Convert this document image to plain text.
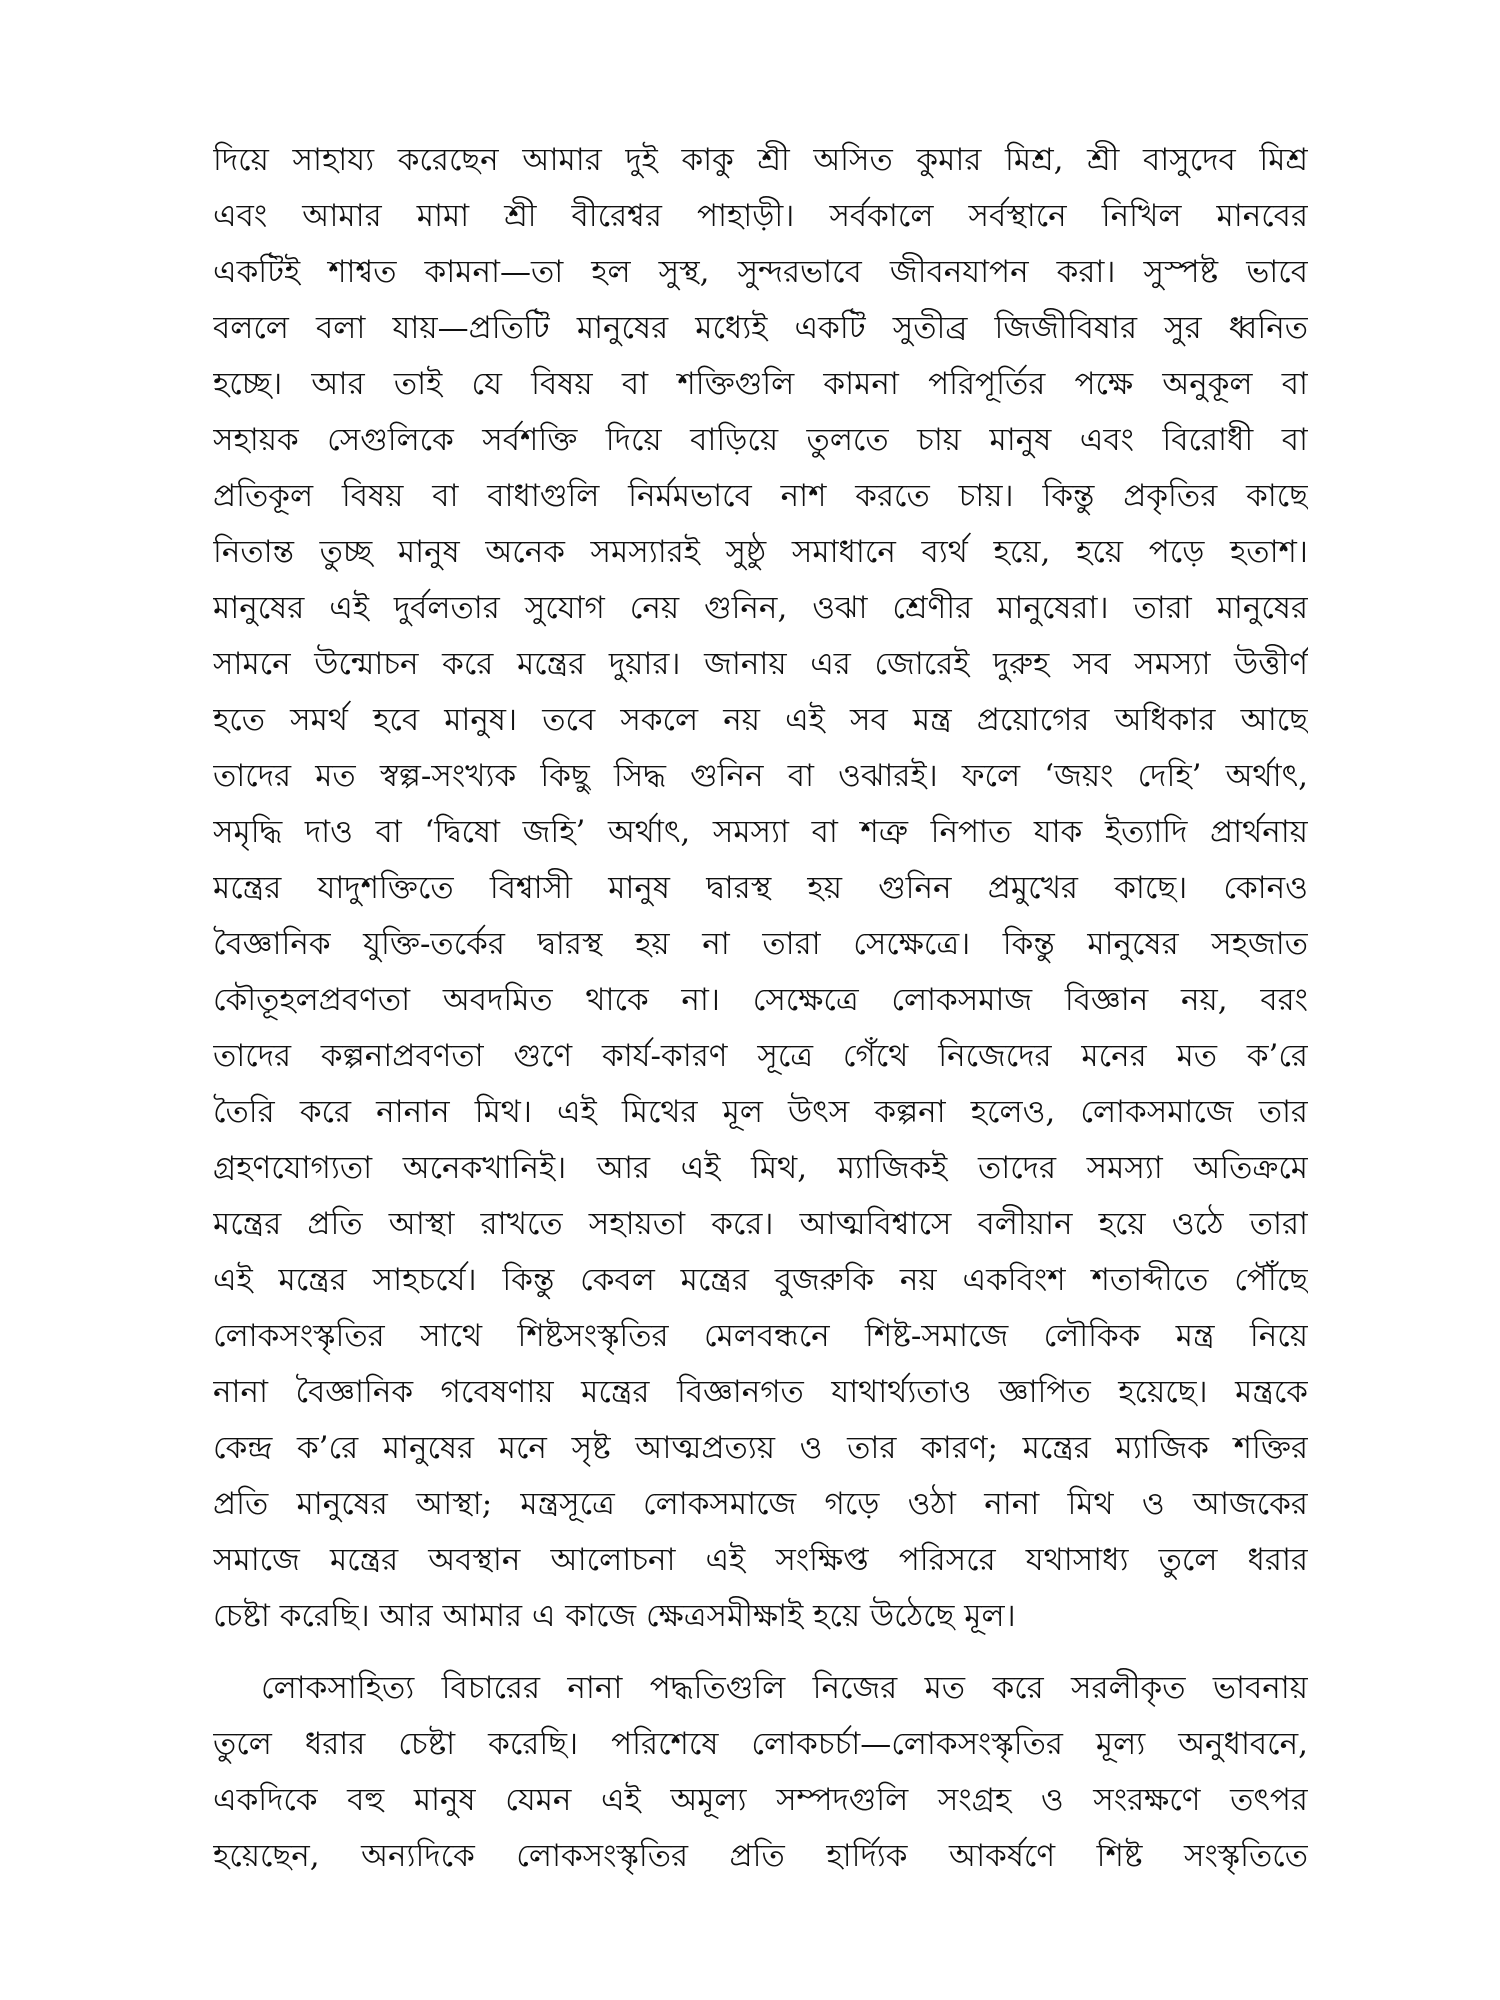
দিয়ে সাহায্য করেছেন আমার দুই কাকু শ্রী অসিত কুমার মিশ্র, শ্রী বাসুদেব মিশ্র
এবং আমার মামা শ্রী বীরেশ্বর পাহাড়ী। সর্বকালে সর্বস্থানে নিখিল মানবের
একটিই শাশ্বত কামনা—তা হল সুস্থ, সুন্দরভাবে জীবনযাপন করা। সুস্পষ্ট ভাবে
বললে বলা যায়—প্রতিটি মানুষের মধ্যেই একটি সুতীব্র জিজীবিষার সুর ধ্বনিত
হচ্ছে। আর তাই যে বিষয় বা শক্তিগুলি কামনা পরিপূর্তির পক্ষে অনুকূল বা
সহায়ক সেগুলিকে সর্বশক্তি দিয়ে বাড়িয়ে তুলতে চায় মানুষ এবং বিরোধী বা
প্রতিকূল বিষয় বা বাধাগুলি নির্মমভাবে নাশ করতে চায়। কিন্তু প্রকৃতির কাছে
নিতান্ত তুচ্ছ মানুষ অনেক সমস্যারই সুষ্ঠু সমাধানে ব্যর্থ হয়ে, হয়ে পড়ে হতাশ।
মানুষের এই দুর্বলতার সুযোগ নেয় গুনিন, ওঝা শ্রেণীর মানুষেরা। তারা মানুষের
সামনে উন্মোচন করে মন্ত্রের দুয়ার। জানায় এর জোরেই দুরুহ সব সমস্যা উত্তীর্ণ
হতে সমর্থ হবে মানুষ। তবে সকলে নয় এই সব মন্ত্র প্রয়োগের অধিকার আছে
তাদের মত স্বল্প-সংখ্যক কিছু সিদ্ধ গুনিন বা ওঝারই। ফলে ‘জয়ং দেহি’ অর্থাৎ,
সমৃদ্ধি দাও বা ‘দ্বিষো জহি’ অর্থাৎ, সমস্যা বা শত্রু নিপাত যাক ইত্যাদি প্রার্থনায়
মন্ত্রের যাদুশক্তিতে বিশ্বাসী মানুষ দ্বারস্থ হয় গুনিন প্রমুখের কাছে। কোনও
বৈজ্ঞানিক যুক্তি-তর্কের দ্বারস্থ হয় না তারা সেক্ষেত্রে। কিন্তু মানুষের সহজাত
কৌতূহলপ্রবণতা অবদমিত থাকে না। সেক্ষেত্রে লোকসমাজ বিজ্ঞান নয়, বরং
তাদের কল্পনাপ্রবণতা গুণে কার্য-কারণ সূত্রে গেঁথে নিজেদের মনের মত ক’রে
তৈরি করে নানান মিথ। এই মিথের মূল উৎস কল্পনা হলেও, লোকসমাজে তার
গ্রহণযোগ্যতা অনেকখানিই। আর এই মিথ, ম্যাজিকই তাদের সমস্যা অতিক্রমে
মন্ত্রের প্রতি আস্থা রাখতে সহায়তা করে। আত্মবিশ্বাসে বলীয়ান হয়ে ওঠে তারা
এই মন্ত্রের সাহচর্যে। কিন্তু কেবল মন্ত্রের বুজরুকি নয় একবিংশ শতাব্দীতে পৌঁছে
লোকসংস্কৃতির সাথে শিষ্টসংস্কৃতির মেলবন্ধনে শিষ্ট-সমাজে লৌকিক মন্ত্র নিয়ে
নানা বৈজ্ঞানিক গবেষণায় মন্ত্রের বিজ্ঞানগত যাথার্থ্যতাও জ্ঞাপিত হয়েছে। মন্ত্রকে
কেন্দ্র ক’রে মানুষের মনে সৃষ্ট আত্মপ্রত্যয় ও তার কারণ; মন্ত্রের ম্যাজিক শক্তির
প্রতি মানুষের আস্থা; মন্ত্রসূত্রে লোকসমাজে গড়ে ওঠা নানা মিথ ও আজকের
সমাজে মন্ত্রের অবস্থান আলোচনা এই সংক্ষিপ্ত পরিসরে যথাসাধ্য তুলে ধরার
চেষ্টা করেছি। আর আমার এ কাজে ক্ষেত্রসমীক্ষাই হয়ে উঠেছে মূল।
লোকসাহিত্য বিচারের নানা পদ্ধতিগুলি নিজের মত করে সরলীকৃত ভাবনায়
তুলে ধরার চেষ্টা করেছি। পরিশেষে লোকচর্চা—লোকসংস্কৃতির মূল্য অনুধাবনে,
একদিকে বহু মানুষ যেমন এই অমূল্য সম্পদগুলি সংগ্রহ ও সংরক্ষণে তৎপর
হয়েছেন, অন্যদিকে লোকসংস্কৃতির প্রতি হার্দ্যিক আকর্ষণে শিষ্ট সংস্কৃতিতে
